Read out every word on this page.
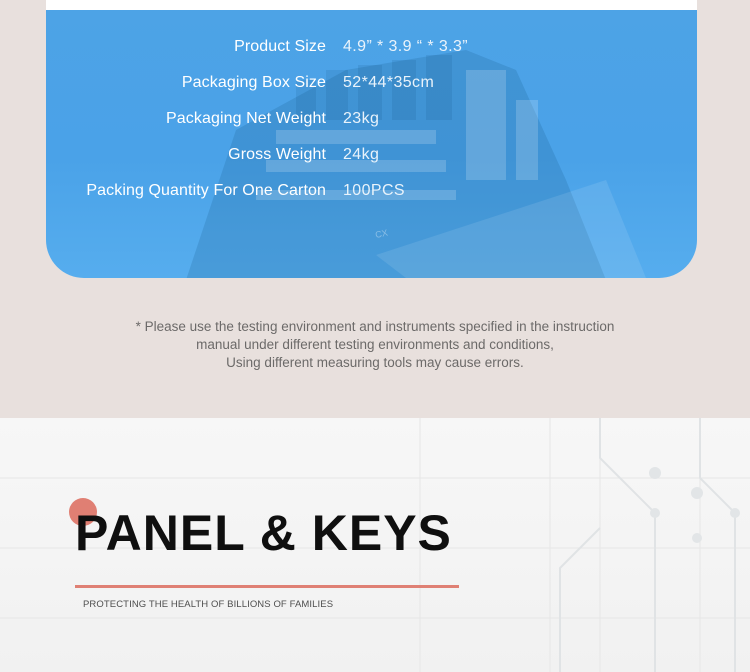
CX
Product Size 4.9” * 3.9 “ * 3.3”
Packaging Box Size 52*44*35cm
Packaging Net Weight 23kg
Gross Weight 24kg
Packing Quantity For One Carton 100PCS
* Please use the testing environment and instruments specified in the instruction
manual under different testing environments and conditions,
Using different measuring tools may cause errors.
PANEL & KEYS
PROTECTING THE HEALTH OF BILLIONS OF FAMILIES
